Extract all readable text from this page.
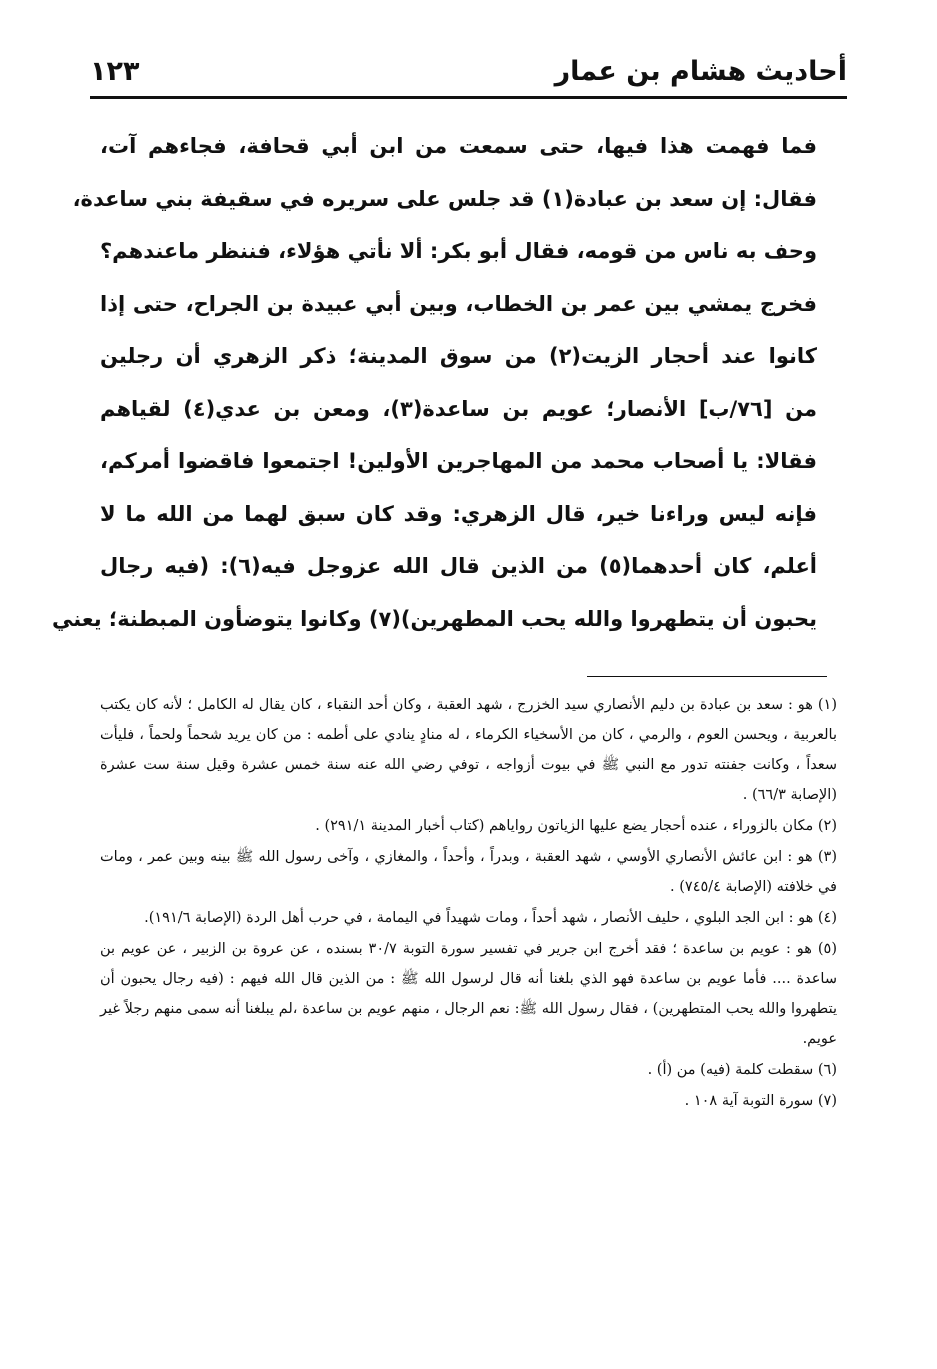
أحاديث هشام بن عمار
١٢٣
فما فهمت هذا فيها، حتى سمعت من ابن أبي قحافة، فجاءهم آت،
فقال: إن سعد بن عبادة(١) قد جلس على سريره في سقيفة بني ساعدة،
وحف به ناس من قومه، فقال أبو بكر: ألا نأتي هؤلاء، فننظر ماعندهم؟
فخرج يمشي بين عمر بن الخطاب، وبين أبي عبيدة بن الجراح، حتى إذا
كانوا عند أحجار الزيت(٢) من سوق المدينة؛ ذكر الزهري أن رجلين
من [٧٦/ب] الأنصار؛ عويم بن ساعدة(٣)، ومعن بن عدي(٤) لقياهم
فقالا: يا أصحاب محمد من المهاجرين الأولين! اجتمعوا فاقضوا أمركم،
فإنه ليس وراءنا خير، قال الزهري: وقد كان سبق لهما من الله ما لا
أعلم، كان أحدهما(٥) من الذين قال الله عزوجل فيه(٦): (فيه رجال
يحبون أن يتطهروا والله يحب المطهرين)(٧) وكانوا يتوضأون المبطنة؛ يعني
(١) هو : سعد بن عبادة بن دليم الأنصاري سيد الخزرج ، شهد العقبة ، وكان أحد النقباء ، كان يقال له الكامل ؛ لأنه كان يكتب بالعربية ، ويحسن العوم ، والرمي ، كان من الأسخياء الكرماء ، له منادٍ ينادي على أطمه : من كان يريد شحماً ولحماً ، فليأت سعداً ، وكانت جفنته تدور مع النبي ﷺ في بيوت أزواجه ، توفي رضي الله عنه سنة خمس عشرة وقيل سنة ست عشرة (الإصابة ٦٦/٣) .
(٢) مكان بالزوراء ، عنده أحجار يضع عليها الزياتون رواياهم (كتاب أخبار المدينة ٢٩١/١) .
(٣) هو : ابن عائش الأنصاري الأوسي ، شهد العقبة ، وبدراً ، وأحداً ، والمغازي ، وآخى رسول الله ﷺ بينه وبين عمر ، ومات في خلافته (الإصابة ٧٤٥/٤) .
(٤) هو : ابن الجد البلوي ، حليف الأنصار ، شهد أحداً ، ومات شهيداً في اليمامة ، في حرب أهل الردة (الإصابة ١٩١/٦).
(٥) هو : عويم بن ساعدة ؛ فقد أخرج ابن جرير في تفسير سورة التوبة ٣٠/٧ بسنده ، عن عروة بن الزبير ، عن عويم بن ساعدة .... فأما عويم بن ساعدة فهو الذي بلغنا أنه قال لرسول الله ﷺ : من الذين قال الله فيهم : (فيه رجال يحبون أن يتطهروا والله يحب المتطهرين) ، فقال رسول الله ﷺ: نعم الرجال ، منهم عويم بن ساعدة ،لم يبلغنا أنه سمى منهم رجلاً غير عويم.
(٦) سقطت كلمة (فيه) من (أ) .
(٧) سورة التوبة آية ١٠٨ .
